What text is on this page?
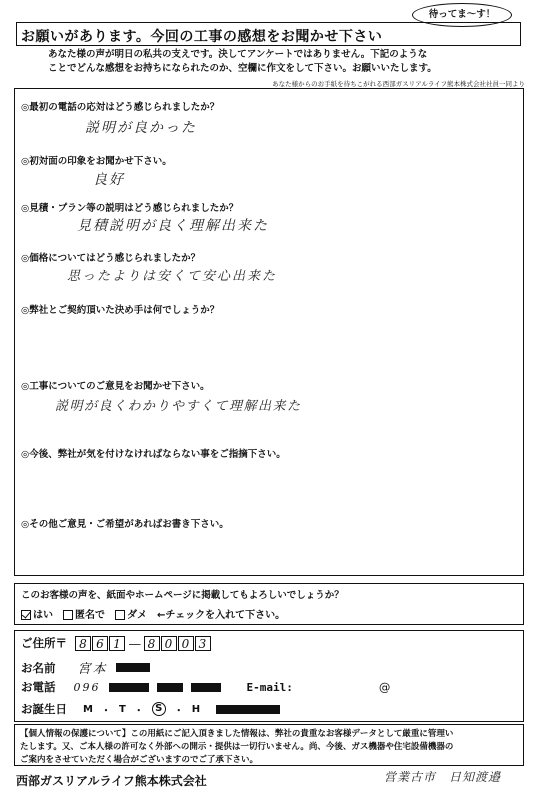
待ってま～す！
お願いがあります。今回の工事の感想をお聞かせ下さい
あなた様の声が明日の私共の支えです。決してアンケートではありません。下記のような
ことでどんな感想をお持ちになられたのか、空欄に作文をして下さい。お願いいたします。
あなた様からのお手紙を待ちこがれる西部ガスリアルライフ熊本株式会社社員一同より
◎最初の電話の応対はどう感じられましたか？
説明が良かった
◎初対面の印象をお聞かせ下さい。
良好
◎見積・プラン等の説明はどう感じられましたか？
見積説明が良く理解出来た
◎価格についてはどう感じられましたか？
思ったよりは安くて安心出来た
◎弊社とご契約頂いた決め手は何でしょうか？
◎工事についてのご意見をお聞かせ下さい。
説明が良くわかりやすくて理解出来た
◎今後、弊社が気を付けなければならない事をご指摘下さい。
◎その他ご意見・ご希望があればお書き下さい。
このお客様の声を、紙面やホームページに掲載してもよろしいでしょうか？
はい	匿名で	ダメ ←チェックを入れて下さい。
ご住所〒	8 6 1 ― 8 0 0 3
お名前 宮本
お電話 096	E-mail:	@
お誕生日 M ・ T ・	S	・ H
【個人情報の保護について】この用紙にご記入頂きました情報は、弊社の貴重なお客様データとして厳重に管理い
たします。又、ご本人様の許可なく外部への開示・提供は一切行いません。尚、今後、ガス機器や住宅設備機器の
ご案内をさせていただく場合がございますのでご了承下さい。
西部ガスリアルライフ熊本株式会社	営業古市　日知渡邉
